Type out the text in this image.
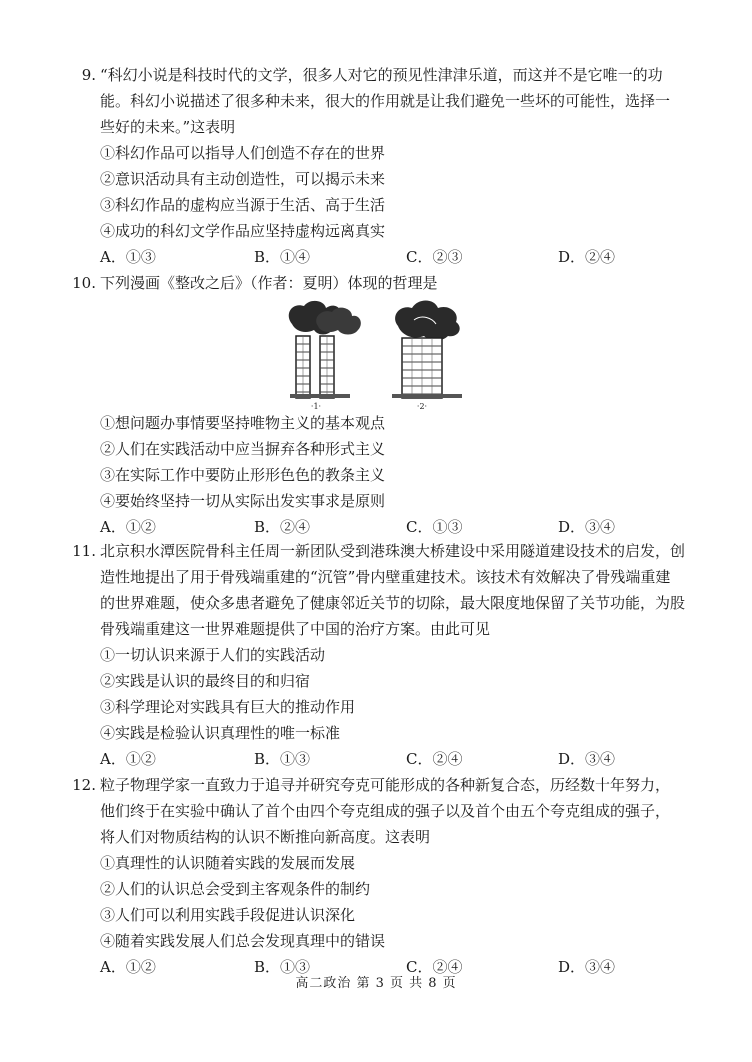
9. “科幻小说是科技时代的文学，很多人对它的预见性津津乐道，而这并不是它唯一的功
能。科幻小说描述了很多种未来，很大的作用就是让我们避免一些坏的可能性，选择一
些好的未来。”这表明
①科幻作品可以指导人们创造不存在的世界
②意识活动具有主动创造性，可以揭示未来
③科幻作品的虚构应当源于生活、高于生活
④成功的科幻文学作品应坚持虚构远离真实
A．①③	B．①④	C．②③	D．②④
10. 下列漫画《整改之后》（作者：夏明）体现的哲理是
·1·	·2·
①想问题办事情要坚持唯物主义的基本观点
②人们在实践活动中应当摒弃各种形式主义
③在实际工作中要防止形形色色的教条主义
④要始终坚持一切从实际出发实事求是原则
A．①②	B．②④	C．①③	D．③④
11. 北京积水潭医院骨科主任周一新团队受到港珠澳大桥建设中采用隧道建设技术的启发，创
造性地提出了用于骨残端重建的“沉管”骨内壁重建技术。该技术有效解决了骨残端重建
的世界难题，使众多患者避免了健康邻近关节的切除，最大限度地保留了关节功能，为股
骨残端重建这一世界难题提供了中国的治疗方案。由此可见
①一切认识来源于人们的实践活动
②实践是认识的最终目的和归宿
③科学理论对实践具有巨大的推动作用
④实践是检验认识真理性的唯一标准
A．①②	B．①③	C．②④	D．③④
12. 粒子物理学家一直致力于追寻并研究夸克可能形成的各种新复合态，历经数十年努力，
他们终于在实验中确认了首个由四个夸克组成的强子以及首个由五个夸克组成的强子，
将人们对物质结构的认识不断推向新高度。这表明
①真理性的认识随着实践的发展而发展
②人们的认识总会受到主客观条件的制约
③人们可以利用实践手段促进认识深化
④随着实践发展人们总会发现真理中的错误
A．①②	B．①③	C．②④	D．③④
高二政治 第 3 页 共 8 页
